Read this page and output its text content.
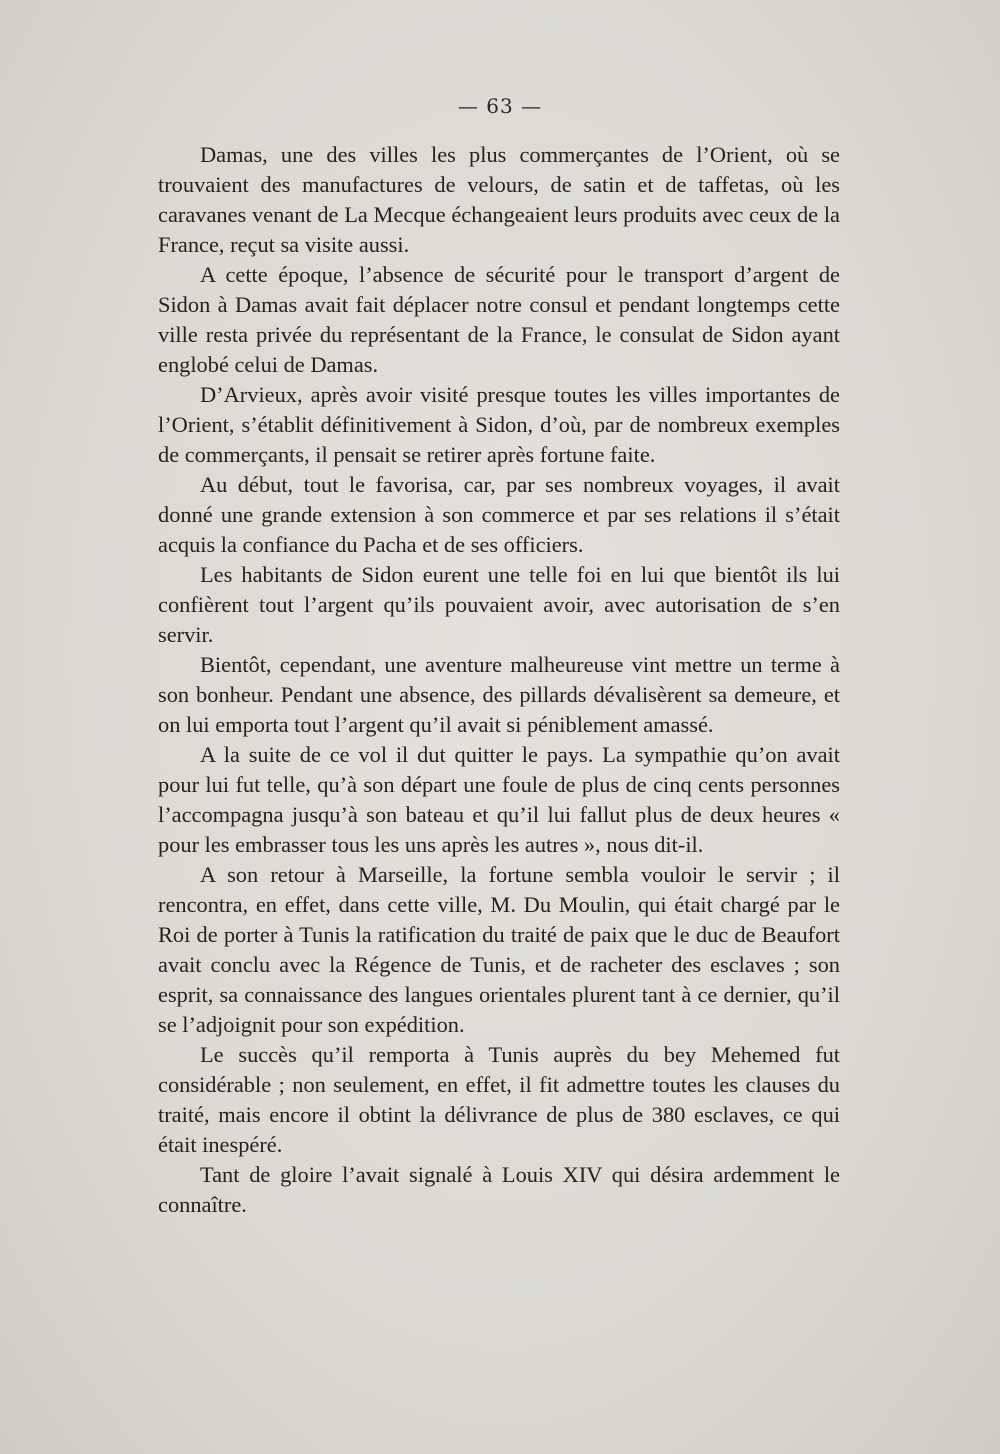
— 63 —

Damas, une des villes les plus commerçantes de l’Orient, où se trouvaient des manufactures de velours, de satin et de taffetas, où les caravanes venant de La Mecque échangeaient leurs produits avec ceux de la France, reçut sa visite aussi.

A cette époque, l’absence de sécurité pour le transport d’argent de Sidon à Damas avait fait déplacer notre consul et pendant longtemps cette ville resta privée du représentant de la France, le consulat de Sidon ayant englobé celui de Damas.

D’Arvieux, après avoir visité presque toutes les villes importantes de l’Orient, s’établit définitivement à Sidon, d’où, par de nombreux exemples de commerçants, il pensait se retirer après fortune faite.

Au début, tout le favorisa, car, par ses nombreux voyages, il avait donné une grande extension à son commerce et par ses relations il s’était acquis la confiance du Pacha et de ses officiers.

Les habitants de Sidon eurent une telle foi en lui que bientôt ils lui confièrent tout l’argent qu’ils pouvaient avoir, avec autorisation de s’en servir.

Bientôt, cependant, une aventure malheureuse vint mettre un terme à son bonheur. Pendant une absence, des pillards dévalisèrent sa demeure, et on lui emporta tout l’argent qu’il avait si péniblement amassé.

A la suite de ce vol il dut quitter le pays. La sympathie qu’on avait pour lui fut telle, qu’à son départ une foule de plus de cinq cents personnes l’accompagna jusqu’à son bateau et qu’il lui fallut plus de deux heures « pour les embrasser tous les uns après les autres », nous dit-il.

A son retour à Marseille, la fortune sembla vouloir le servir ; il rencontra, en effet, dans cette ville, M. Du Moulin, qui était chargé par le Roi de porter à Tunis la ratification du traité de paix que le duc de Beaufort avait conclu avec la Régence de Tunis, et de racheter des esclaves ; son esprit, sa connaissance des langues orientales plurent tant à ce dernier, qu’il se l’adjoignit pour son expédition.

Le succès qu’il remporta à Tunis auprès du bey Mehemed fut considérable ; non seulement, en effet, il fit admettre toutes les clauses du traité, mais encore il obtint la délivrance de plus de 380 esclaves, ce qui était inespéré.

Tant de gloire l’avait signalé à Louis XIV qui désira ardemment le connaître.
